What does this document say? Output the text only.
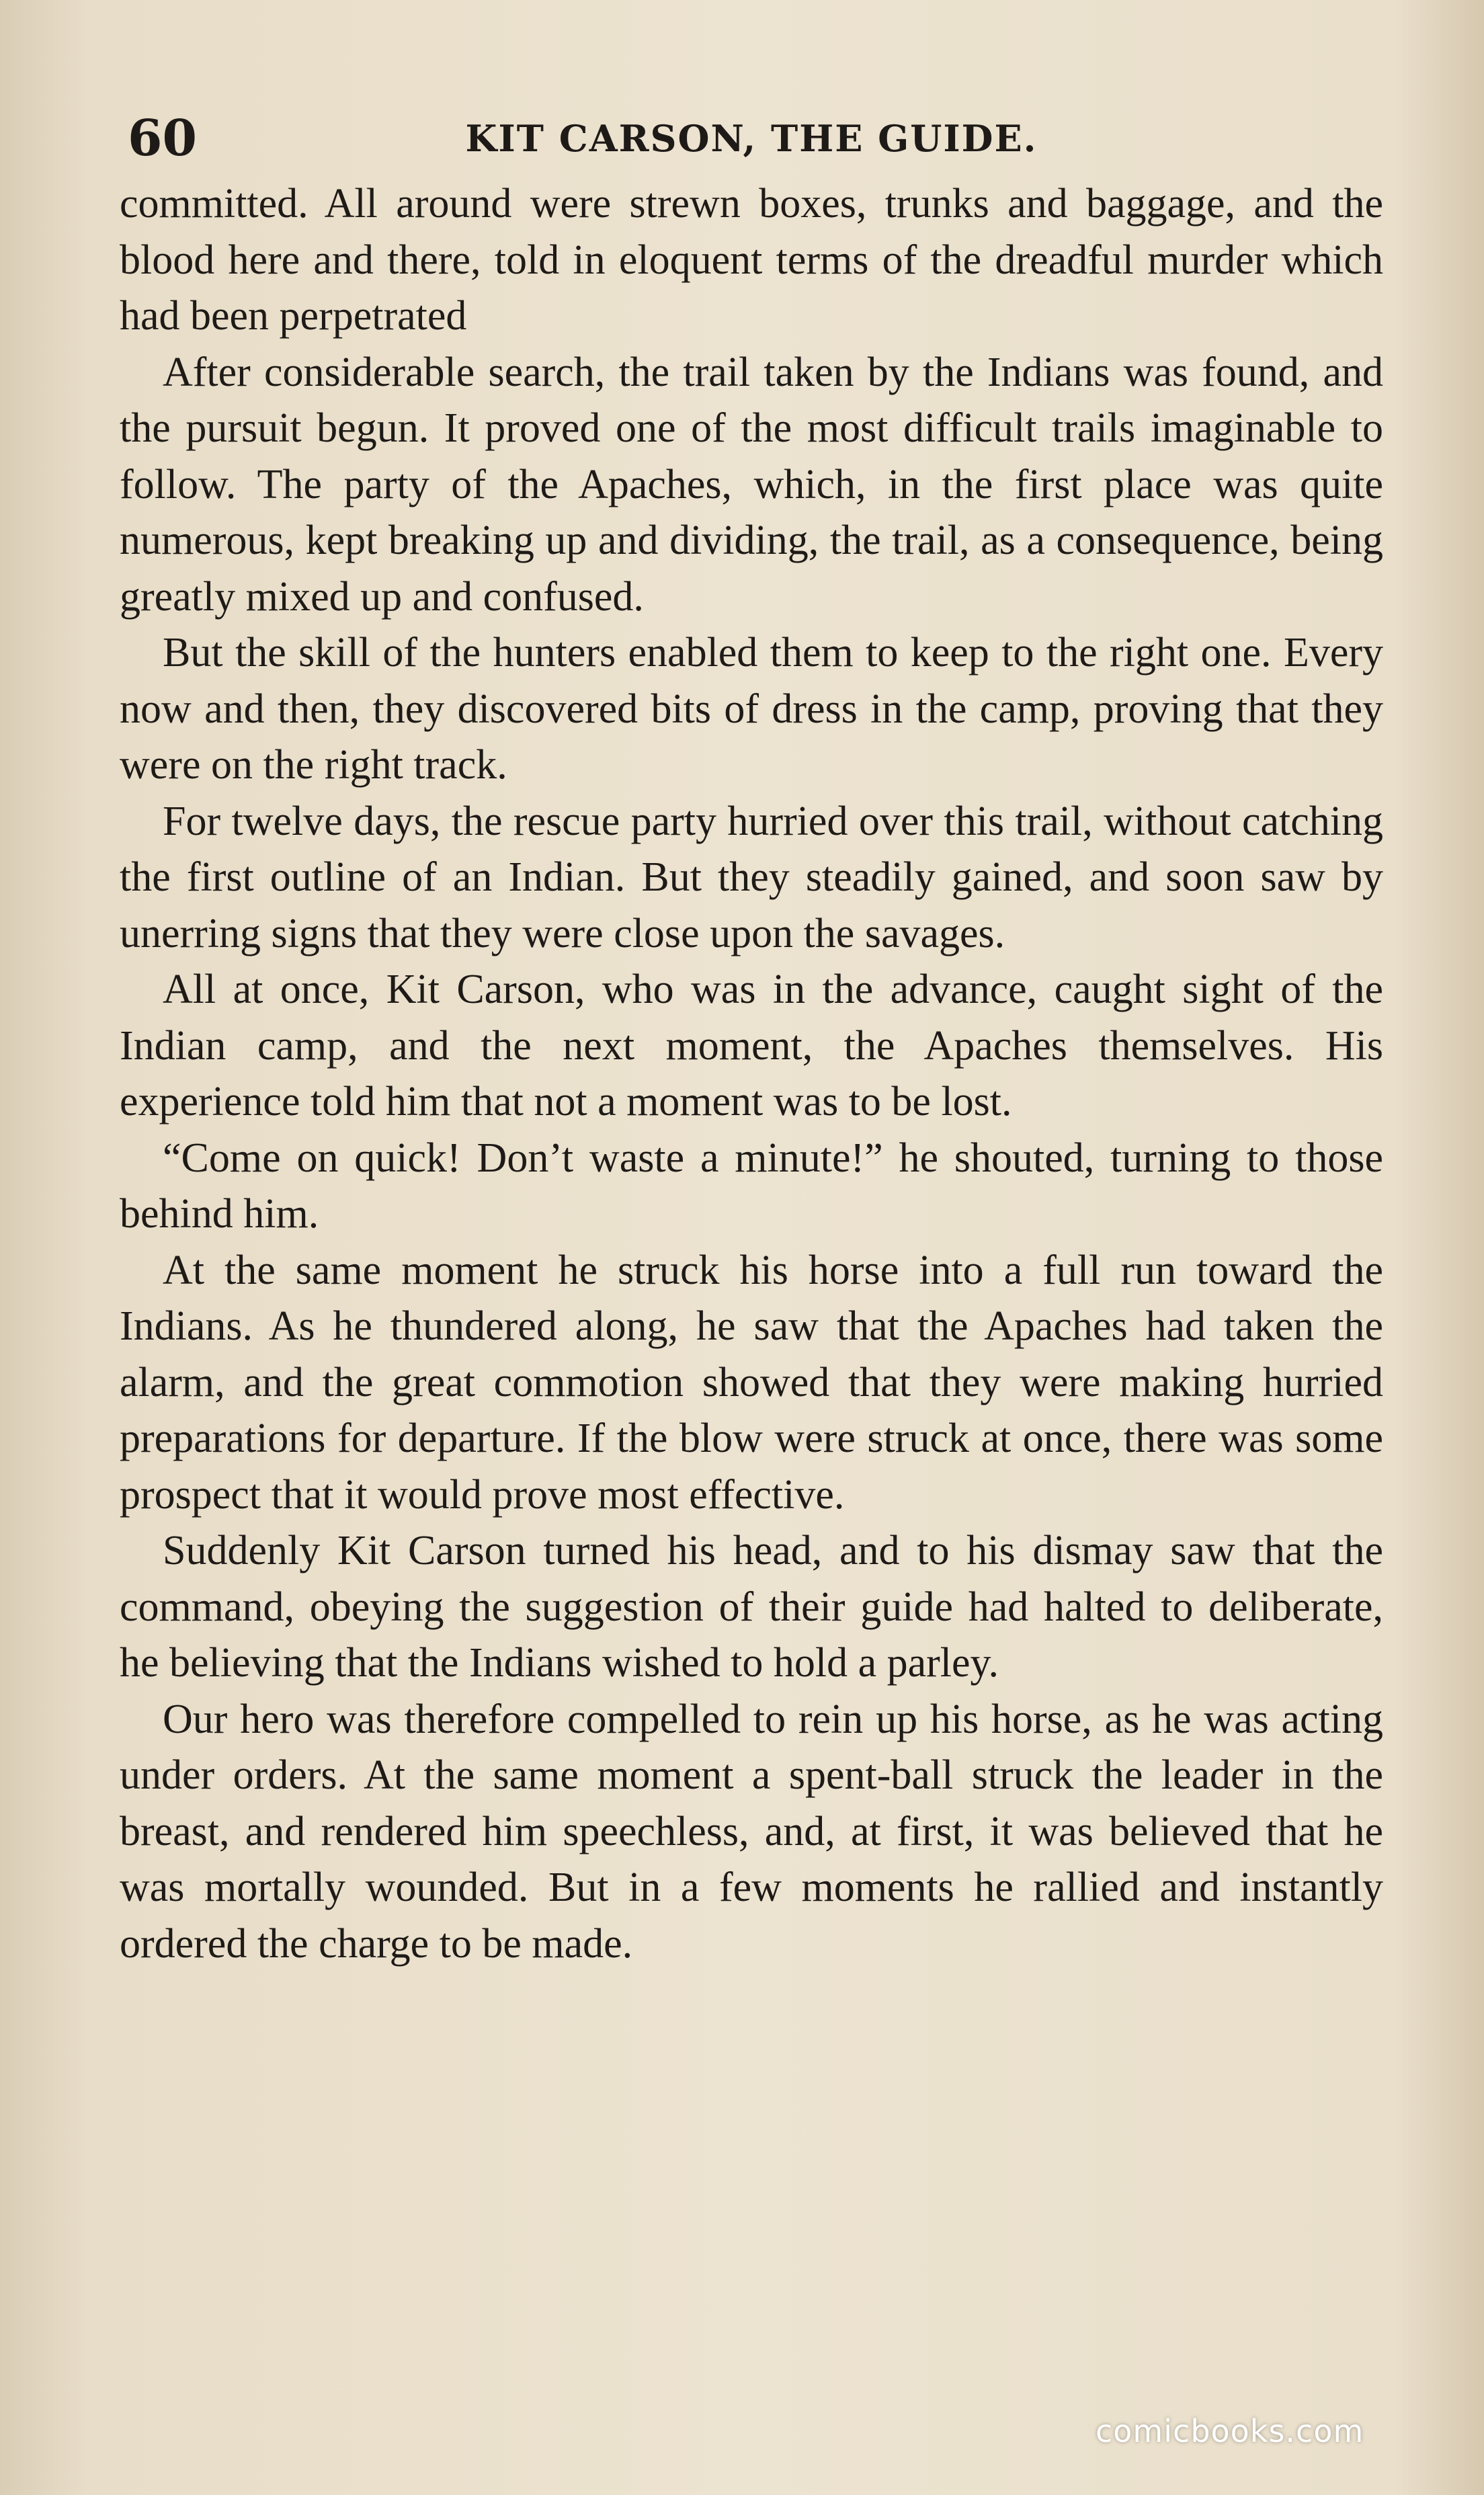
60	KIT CARSON, THE GUIDE.

committed. All around were strewn boxes, trunks and baggage, and the blood here and there, told in eloquent terms of the dreadful murder which had been perpetrated

After considerable search, the trail taken by the Indians was found, and the pursuit begun. It proved one of the most difficult trails imaginable to follow. The party of the Apaches, which, in the first place was quite numerous, kept breaking up and dividing, the trail, as a consequence, being greatly mixed up and confused.

But the skill of the hunters enabled them to keep to the right one. Every now and then, they discovered bits of dress in the camp, proving that they were on the right track.

For twelve days, the rescue party hurried over this trail, without catching the first outline of an Indian. But they steadily gained, and soon saw by unerring signs that they were close upon the savages.

All at once, Kit Carson, who was in the advance, caught sight of the Indian camp, and the next moment, the Apaches themselves. His experience told him that not a moment was to be lost.

“Come on quick! Don’t waste a minute!” he shouted, turning to those behind him.

At the same moment he struck his horse into a full run toward the Indians. As he thundered along, he saw that the Apaches had taken the alarm, and the great commotion showed that they were making hurried preparations for departure. If the blow were struck at once, there was some prospect that it would prove most effective.

Suddenly Kit Carson turned his head, and to his dismay saw that the command, obeying the suggestion of their guide had halted to deliberate, he believing that the Indians wished to hold a parley.

Our hero was therefore compelled to rein up his horse, as he was acting under orders. At the same moment a spent-ball struck the leader in the breast, and rendered him speechless, and, at first, it was believed that he was mortally wounded. But in a few moments he rallied and instantly ordered the charge to be made.

comicbooks.com
